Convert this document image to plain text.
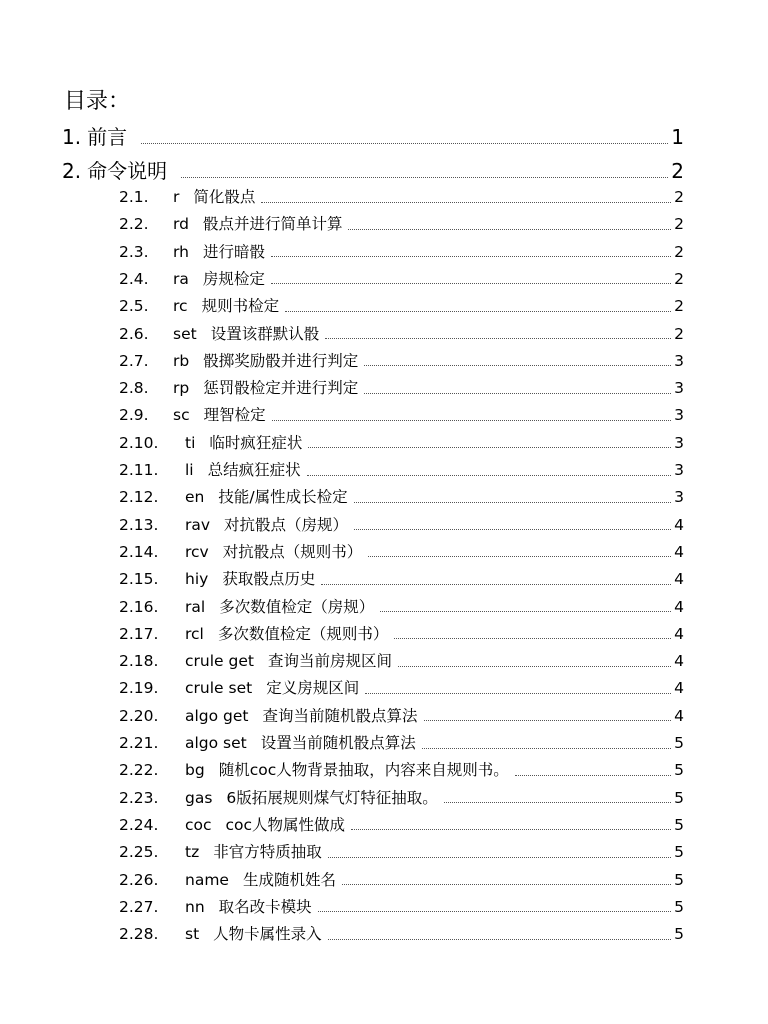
目录：
1. 前言	1
2. 命令说明	2
2.1.	r 简化骰点	2
2.2.	rd 骰点并进行简单计算	2
2.3.	rh 进行暗骰	2
2.4.	ra 房规检定	2
2.5.	rc 规则书检定	2
2.6.	set 设置该群默认骰	2
2.7.	rb 骰掷奖励骰并进行判定	3
2.8.	rp 惩罚骰检定并进行判定	3
2.9.	sc 理智检定	3
2.10.	ti 临时疯狂症状	3
2.11.	li 总结疯狂症状	3
2.12.	en 技能/属性成长检定	3
2.13.	rav 对抗骰点（房规）	4
2.14.	rcv 对抗骰点（规则书）	4
2.15.	hiy 获取骰点历史	4
2.16.	ral 多次数值检定（房规）	4
2.17.	rcl 多次数值检定（规则书）	4
2.18.	crule get 查询当前房规区间	4
2.19.	crule set 定义房规区间	4
2.20.	algo get 查询当前随机骰点算法	4
2.21.	algo set 设置当前随机骰点算法	5
2.22.	bg 随机coc人物背景抽取，内容来自规则书。	5
2.23.	gas 6版拓展规则煤气灯特征抽取。	5
2.24.	coc coc人物属性做成	5
2.25.	tz 非官方特质抽取	5
2.26.	name 生成随机姓名	5
2.27.	nn 取名改卡模块	5
2.28.	st 人物卡属性录入	5
